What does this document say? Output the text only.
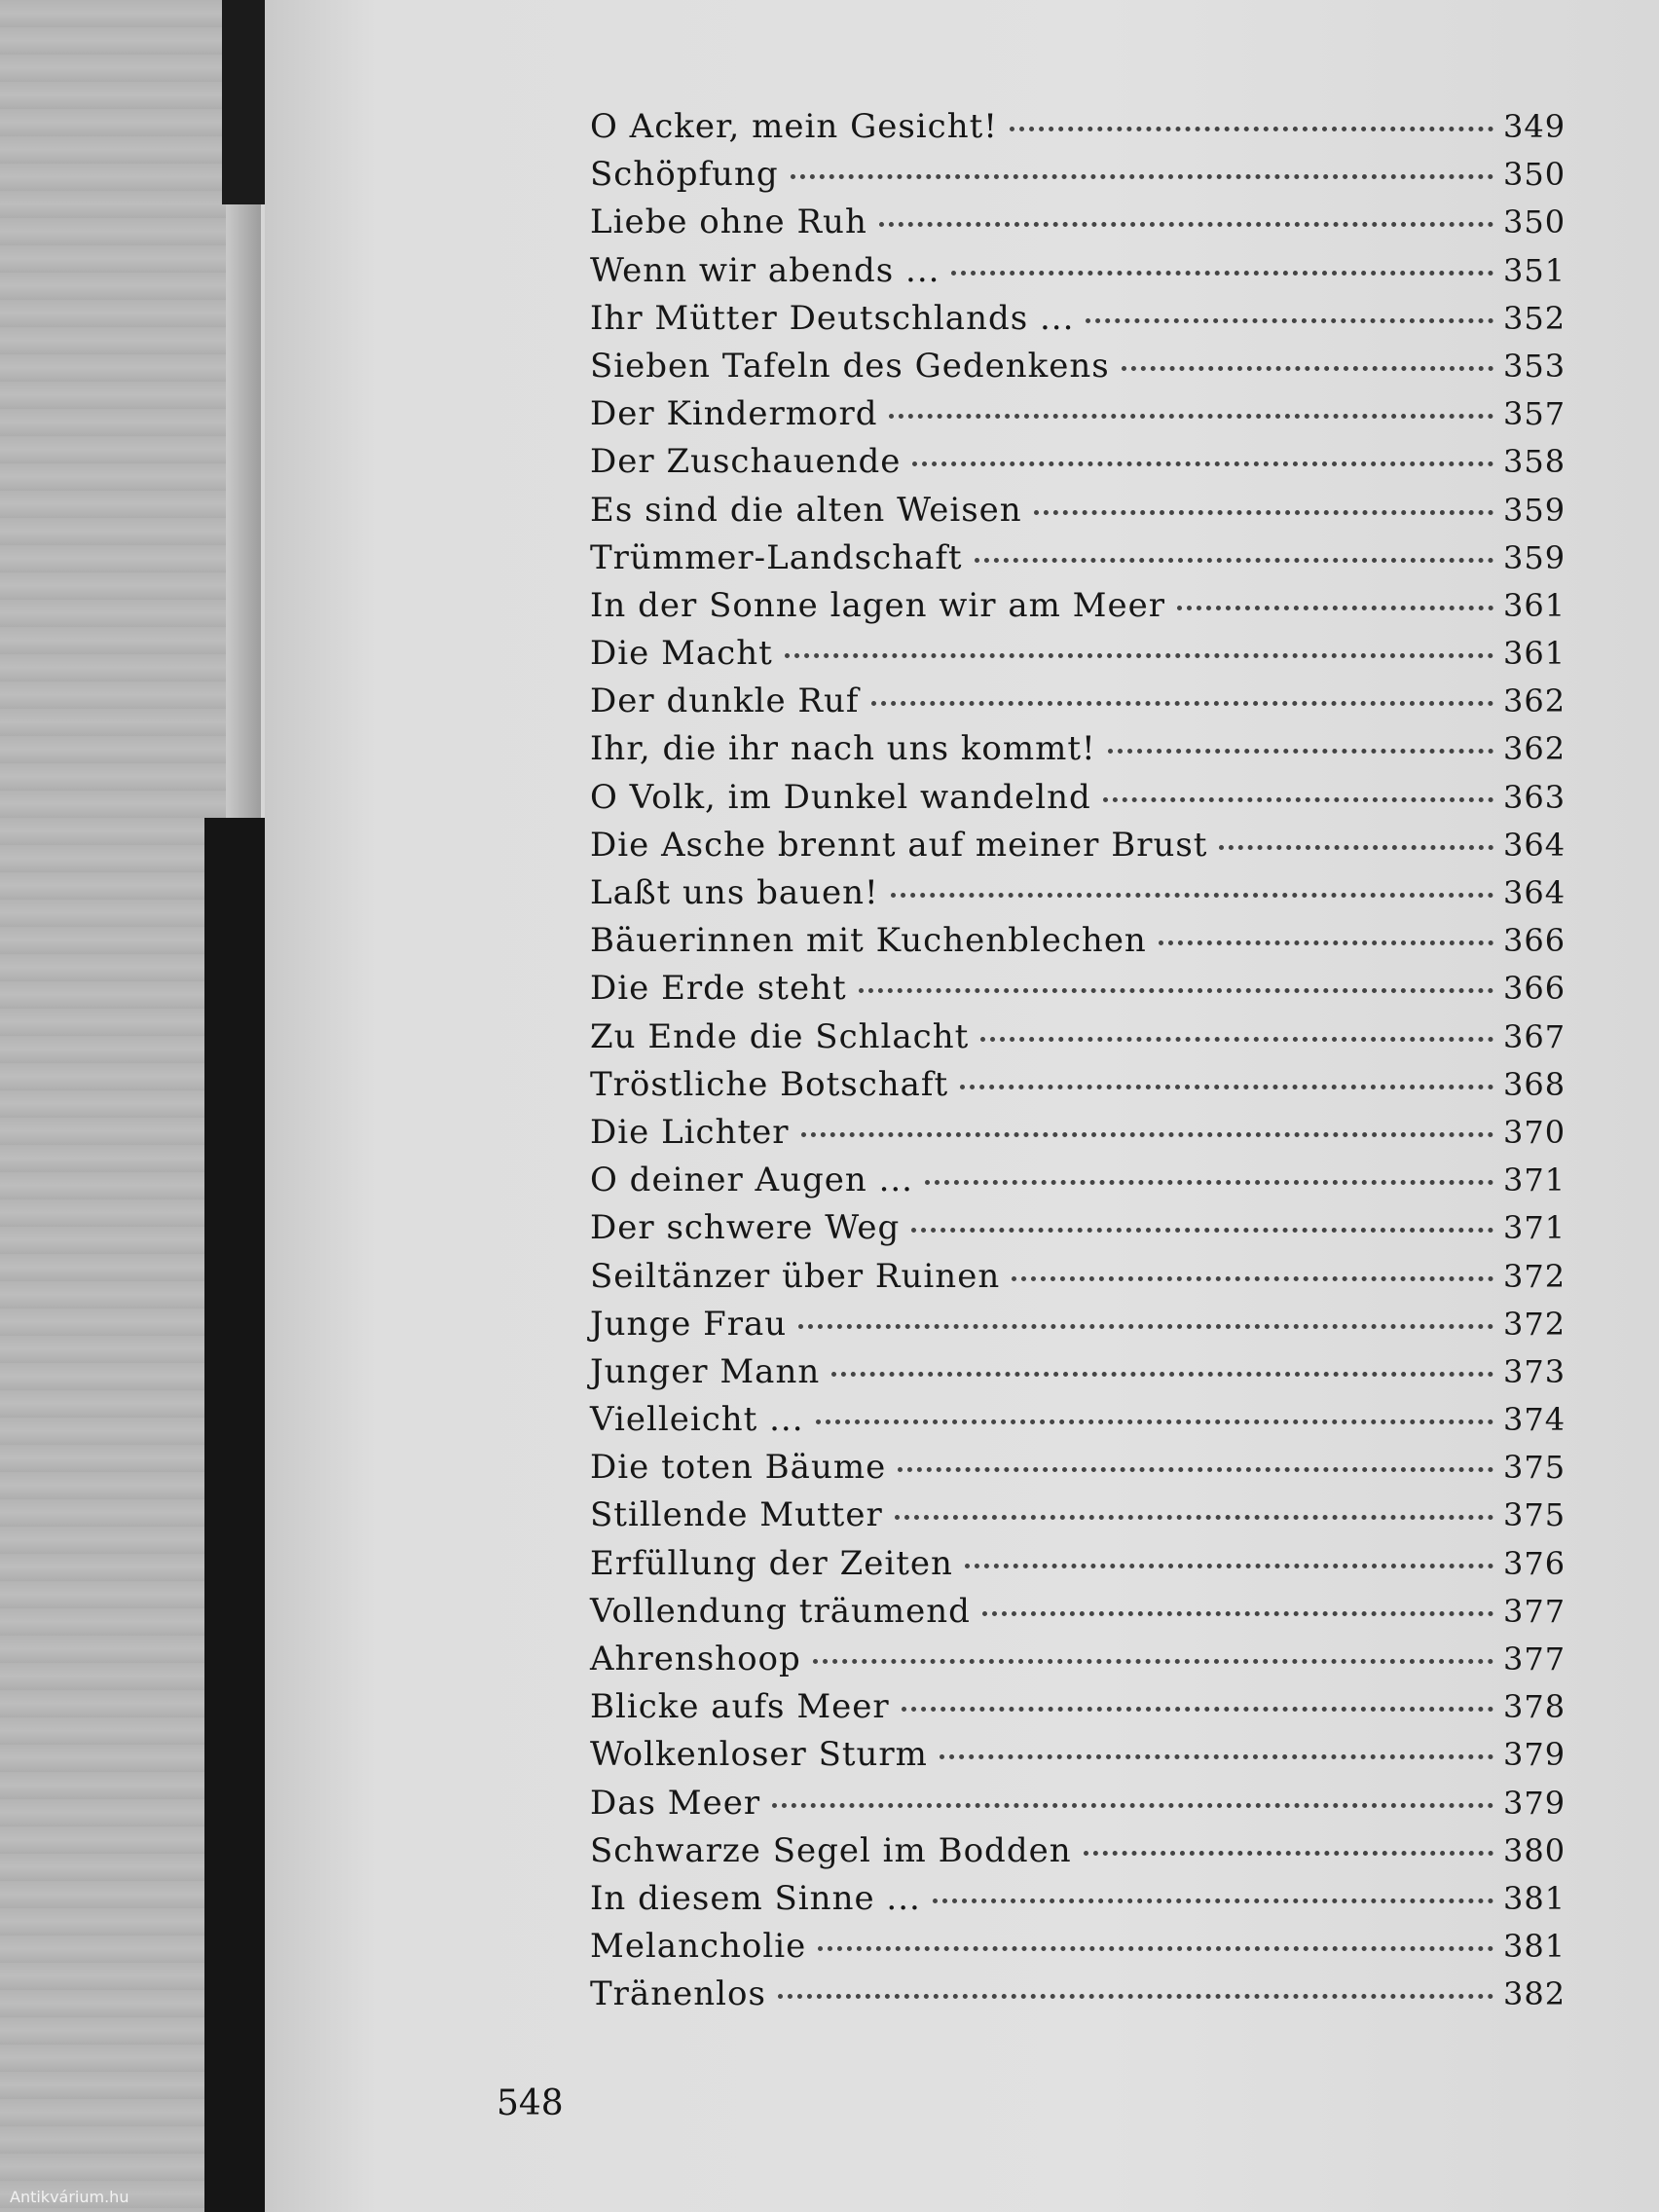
O Acker, mein Gesicht!	349
Schöpfung	350
Liebe ohne Ruh	350
Wenn wir abends ...	351
Ihr Mütter Deutschlands ...	352
Sieben Tafeln des Gedenkens	353
Der Kindermord	357
Der Zuschauende	358
Es sind die alten Weisen	359
Trümmer-Landschaft	359
In der Sonne lagen wir am Meer	361
Die Macht	361
Der dunkle Ruf	362
Ihr, die ihr nach uns kommt!	362
O Volk, im Dunkel wandelnd	363
Die Asche brennt auf meiner Brust	364
Laßt uns bauen!	364
Bäuerinnen mit Kuchenblechen	366
Die Erde steht	366
Zu Ende die Schlacht	367
Tröstliche Botschaft	368
Die Lichter	370
O deiner Augen ...	371
Der schwere Weg	371
Seiltänzer über Ruinen	372
Junge Frau	372
Junger Mann	373
Vielleicht ...	374
Die toten Bäume	375
Stillende Mutter	375
Erfüllung der Zeiten	376
Vollendung träumend	377
Ahrenshoop	377
Blicke aufs Meer	378
Wolkenloser Sturm	379
Das Meer	379
Schwarze Segel im Bodden	380
In diesem Sinne ...	381
Melancholie	381
Tränenlos	382
548
Antikvárium.hu
